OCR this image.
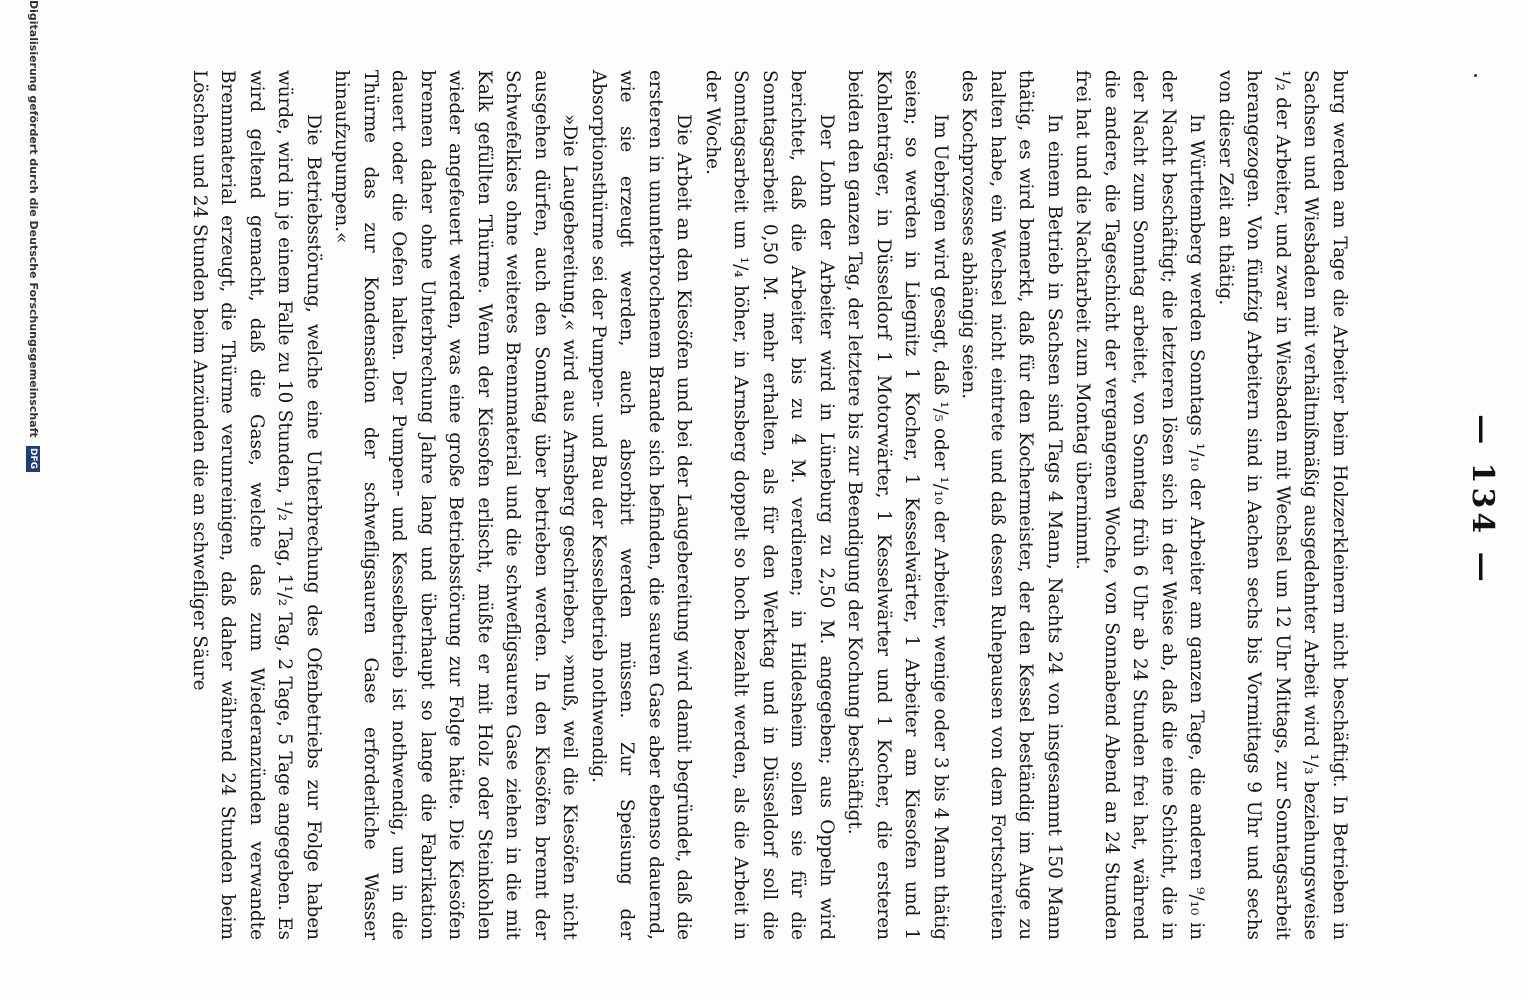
— 134 —

burg werden am Tage die Arbeiter beim Holzzerkleinern nicht beschäftigt. In Betrieben in Sachsen und Wiesbaden mit verhältnißmäßig ausgedehnter Arbeit wird ¹/₃ beziehungsweise ¹/₂ der Arbeiter, und zwar in Wiesbaden mit Wechsel um 12 Uhr Mittags, zur Sonntagsarbeit herangezogen. Von fünfzig Arbeitern sind in Aachen sechs bis Vormittags 9 Uhr und sechs von dieser Zeit an thätig.

In Württemberg werden Sonntags ¹/₁₀ der Arbeiter am ganzen Tage, die anderen ⁹/₁₀ in der Nacht beschäftigt; die letzteren lösen sich in der Weise ab, daß die eine Schicht, die in der Nacht zum Sonntag arbeitet, von Sonntag früh 6 Uhr ab 24 Stunden frei hat, während die andere, die Tageschicht der vergangenen Woche, von Sonnabend Abend an 24 Stunden frei hat und die Nachtarbeit zum Montag übernimmt.

In einem Betrieb in Sachsen sind Tags 4 Mann, Nachts 24 von insgesammt 150 Mann thätig, es wird bemerkt, daß für den Kochermeister, der den Kessel beständig im Auge zu halten habe, ein Wechsel nicht eintrete und daß dessen Ruhepausen von dem Fortschreiten des Kochprozesses abhängig seien.

Im Uebrigen wird gesagt, daß ¹/₅ oder ¹/₁₀ der Arbeiter, wenige oder 3 bis 4 Mann thätig seien; so werden in Liegnitz 1 Kocher, 1 Kesselwärter, 1 Arbeiter am Kiesofen und 1 Kohlenträger, in Düsseldorf 1 Motorwärter, 1 Kesselwärter und 1 Kocher, die ersteren beiden den ganzen Tag, der letztere bis zur Beendigung der Kochung beschäftigt.

Der Lohn der Arbeiter wird in Lüneburg zu 2,50 M. angegeben; aus Oppeln wird berichtet, daß die Arbeiter bis zu 4 M. verdienen; in Hildesheim sollen sie für die Sonntagsarbeit 0,50 M. mehr erhalten, als für den Werktag und in Düsseldorf soll die Sonntagsarbeit um ¹/₄ höher, in Arnsberg doppelt so hoch bezahlt werden, als die Arbeit in der Woche.

Die Arbeit an den Kiesöfen und bei der Laugebereitung wird damit begründet, daß die ersteren in ununterbrochenem Brande sich befinden, die sauren Gase aber ebenso dauernd, wie sie erzeugt werden, auch absorbirt werden müssen. Zur Speisung der Absorptionsthürme sei der Pumpen- und Bau der Kesselbetrieb nothwendig.

»Die Laugebereitung,« wird aus Arnsberg geschrieben, »muß, weil die Kiesöfen nicht ausgehen dürfen, auch den Sonntag über betrieben werden. In den Kiesöfen brennt der Schwefelkies ohne weiteres Brennmaterial und die schwefligsauren Gase ziehen in die mit Kalk gefüllten Thürme. Wenn der Kiesofen erlischt, müßte er mit Holz oder Steinkohlen wieder angefeuert werden, was eine große Betriebsstörung zur Folge hätte. Die Kiesöfen brennen daher ohne Unterbrechung Jahre lang und überhaupt so lange die Fabrikation dauert oder die Oefen halten. Der Pumpen- und Kesselbetrieb ist nothwendig, um in die Thürme das zur Kondensation der schwefligsauren Gase erforderliche Wasser hinaufzupumpen.«

Die Betriebsstörung, welche eine Unterbrechung des Ofenbetriebs zur Folge haben würde, wird in je einem Falle zu 10 Stunden, ¹/₂ Tag, 1¹/₂ Tag, 2 Tage, 5 Tage angegeben. Es wird geltend gemacht, daß die Gase, welche das zum Wiederanzünden verwandte Brennmaterial erzeugt, die Thürme verunreinigen, daß daher während 24 Stunden beim Löschen und 24 Stunden beim Anzünden die an schwefliger Säure

Digitalisierung gefördert durch die Deutsche Forschungsgemeinschaft DFG
